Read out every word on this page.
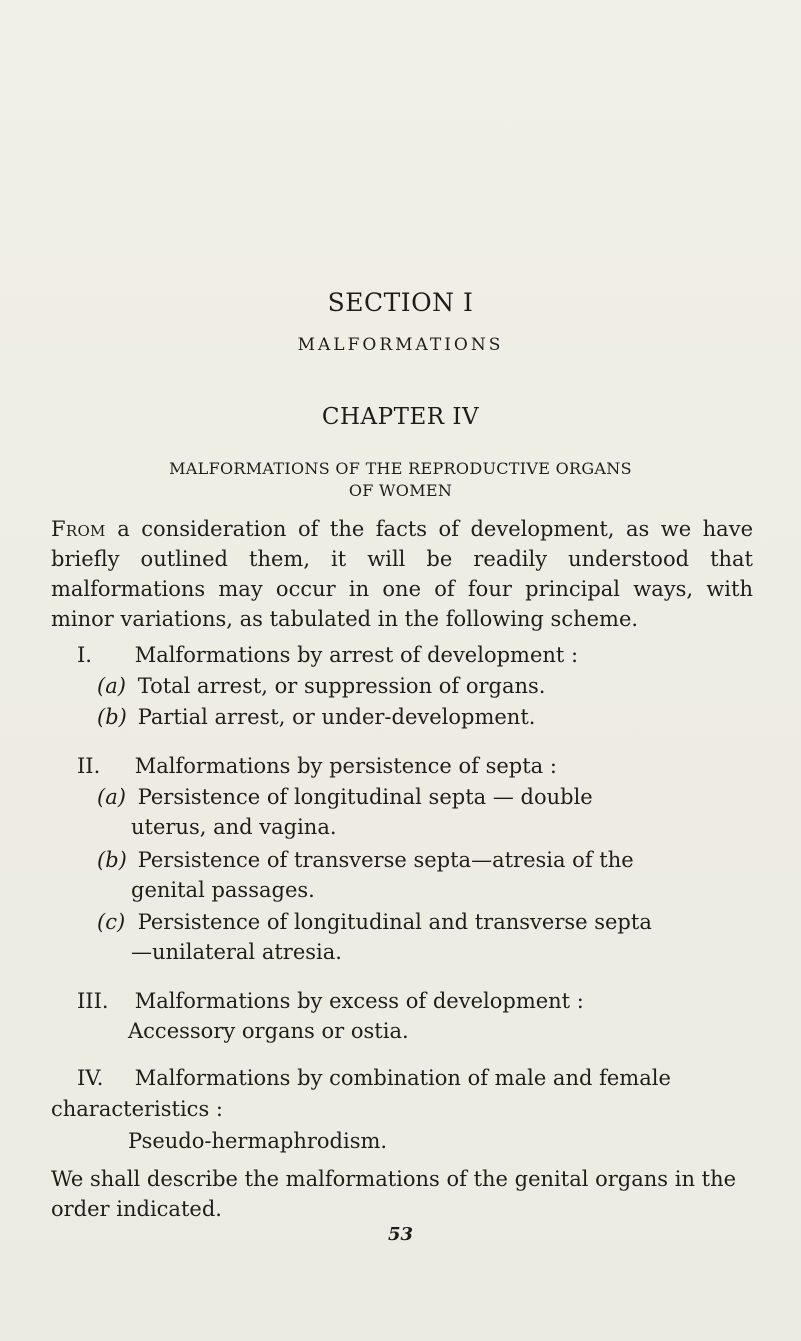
SECTION I
MALFORMATIONS
CHAPTER IV
MALFORMATIONS OF THE REPRODUCTIVE ORGANS
OF WOMEN
From a consideration of the facts of development, as we have briefly outlined them, it will be readily understood that malformations may occur in one of four principal ways, with minor variations, as tabulated in the following scheme.
I. Malformations by arrest of development :
(a) Total arrest, or suppression of organs.
(b) Partial arrest, or under-development.
II. Malformations by persistence of septa :
(a) Persistence of longitudinal septa — double
uterus, and vagina.
(b) Persistence of transverse septa—atresia of the
genital passages.
(c) Persistence of longitudinal and transverse septa
—unilateral atresia.
III. Malformations by excess of development :
Accessory organs or ostia.
IV. Malformations by combination of male and female
characteristics :
Pseudo-hermaphrodism.
We shall describe the malformations of the genital organs in the order indicated.
53
